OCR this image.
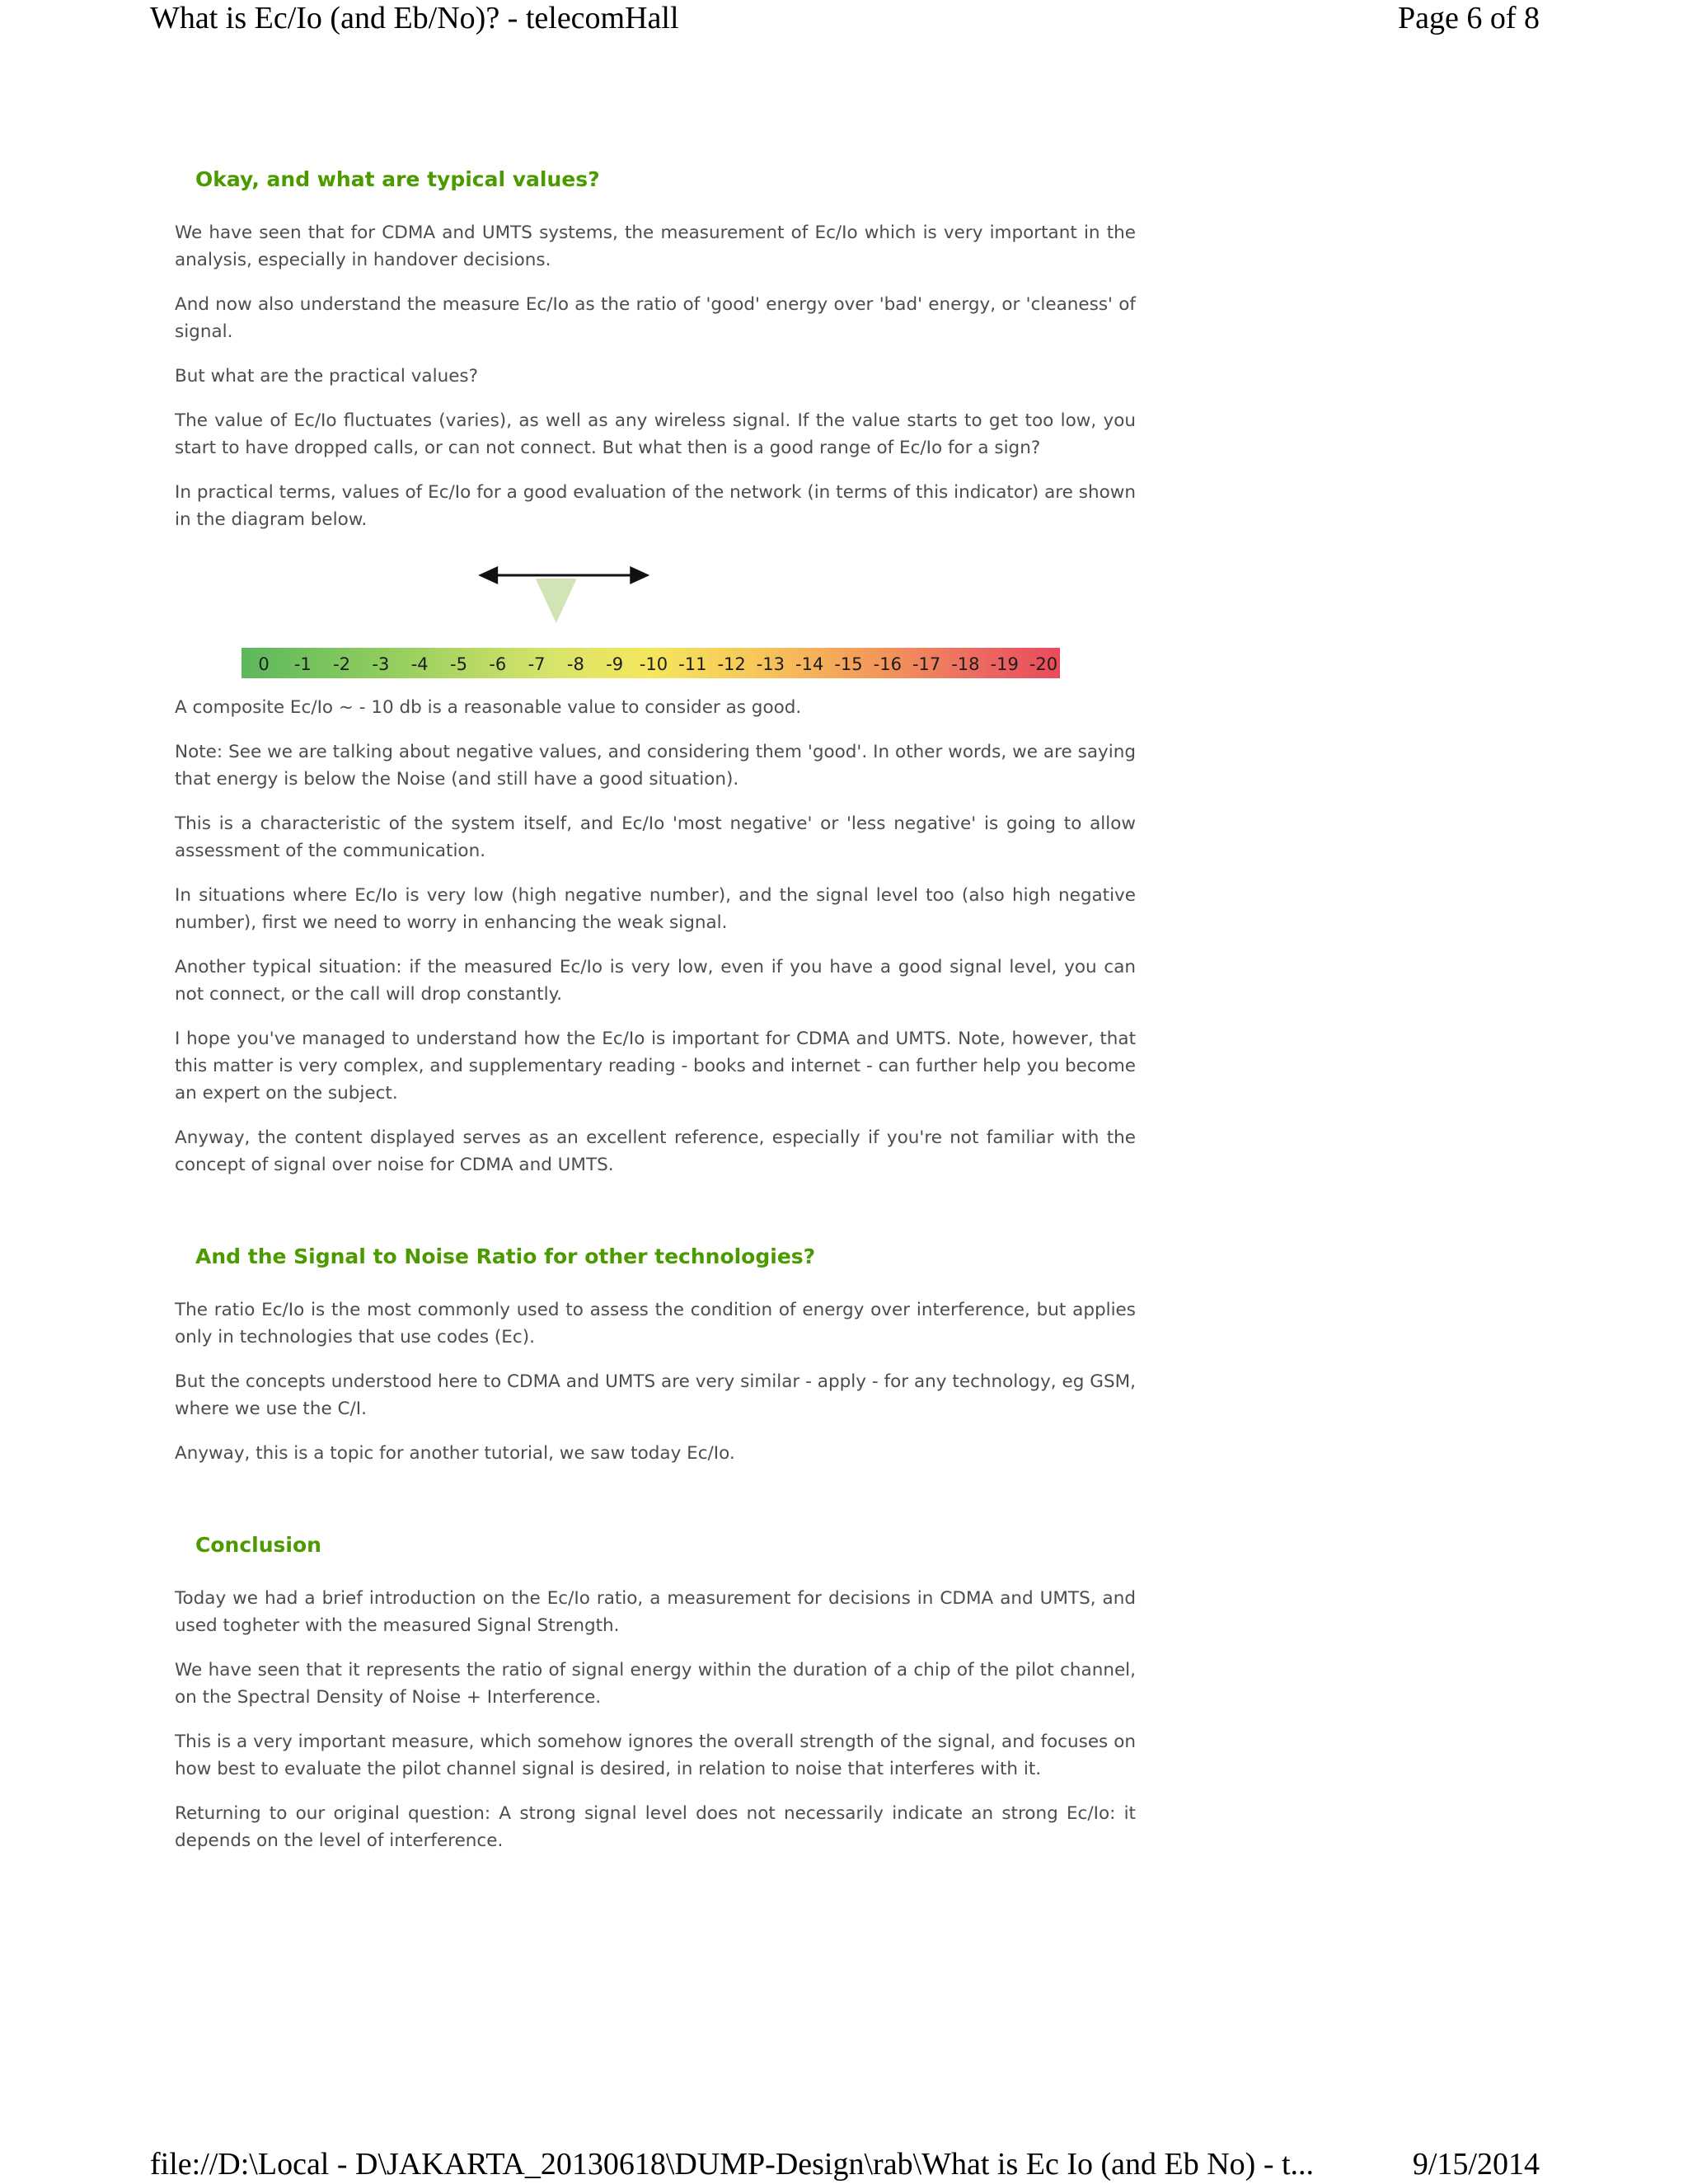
What is Ec/Io (and Eb/No)? - telecomHall	Page 6 of 8
Okay, and what are typical values?

We have seen that for CDMA and UMTS systems, the measurement of Ec/Io which is very important in the analysis, especially in handover decisions.

And now also understand the measure Ec/Io as the ratio of 'good' energy over 'bad' energy, or 'cleaness' of signal.

But what are the practical values?

The value of Ec/Io fluctuates (varies), as well as any wireless signal. If the value starts to get too low, you start to have dropped calls, or can not connect. But what then is a good range of Ec/Io for a sign?

In practical terms, values of Ec/Io for a good evaluation of the network (in terms of this indicator) are shown in the diagram below.

0 -1 -2 -3 -4 -5 -6 -7 -8 -9 -10 -11 -12 -13 -14 -15 -16 -17 -18 -19 -20

A composite Ec/Io ~ - 10 db is a reasonable value to consider as good.

Note: See we are talking about negative values, and considering them 'good'. In other words, we are saying that energy is below the Noise (and still have a good situation).

This is a characteristic of the system itself, and Ec/Io 'most negative' or 'less negative' is going to allow assessment of the communication.

In situations where Ec/Io is very low (high negative number), and the signal level too (also high negative number), first we need to worry in enhancing the weak signal.

Another typical situation: if the measured Ec/Io is very low, even if you have a good signal level, you can not connect, or the call will drop constantly.

I hope you've managed to understand how the Ec/Io is important for CDMA and UMTS. Note, however, that this matter is very complex, and supplementary reading - books and internet - can further help you become an expert on the subject.

Anyway, the content displayed serves as an excellent reference, especially if you're not familiar with the concept of signal over noise for CDMA and UMTS.

And the Signal to Noise Ratio for other technologies?

The ratio Ec/Io is the most commonly used to assess the condition of energy over interference, but applies only in technologies that use codes (Ec).

But the concepts understood here to CDMA and UMTS are very similar - apply - for any technology, eg GSM, where we use the C/I.

Anyway, this is a topic for another tutorial, we saw today Ec/Io.

Conclusion

Today we had a brief introduction on the Ec/Io ratio, a measurement for decisions in CDMA and UMTS, and used togheter with the measured Signal Strength.

We have seen that it represents the ratio of signal energy within the duration of a chip of the pilot channel, on the Spectral Density of Noise + Interference.

This is a very important measure, which somehow ignores the overall strength of the signal, and focuses on how best to evaluate the pilot channel signal is desired, in relation to noise that interferes with it.

Returning to our original question: A strong signal level does not necessarily indicate an strong Ec/Io: it depends on the level of interference.

file://D:\Local - D\JAKARTA_20130618\DUMP-Design\rab\What is Ec Io (and Eb No) - t...	9/15/2014
